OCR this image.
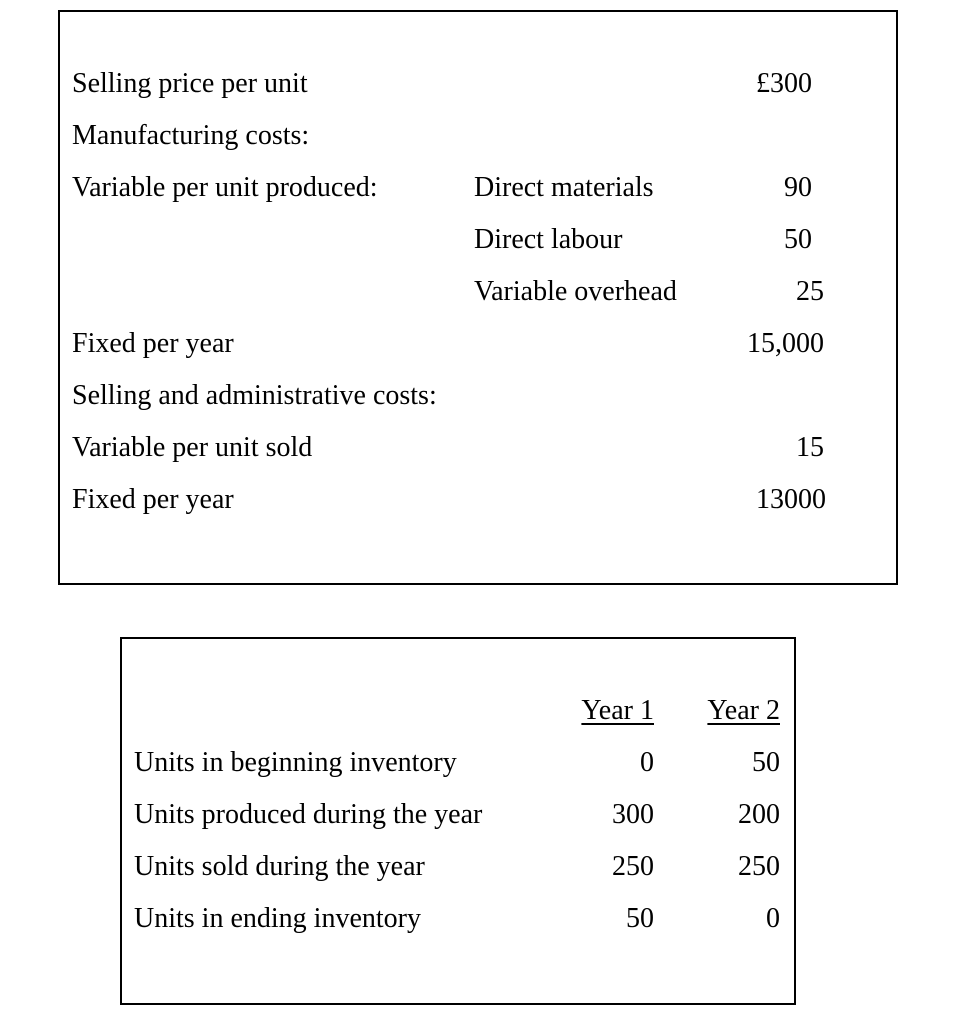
Selling price per unit	£300
Manufacturing costs:
Variable per unit produced:	Direct materials	90
Direct labour	50
Variable overhead	25
Fixed per year	15,000
Selling and administrative costs:
Variable per unit sold	15
Fixed per year	13000
Year 1 Year 2
Units in beginning inventory	0	50
Units produced during the year	300	200
Units sold during the year	250	250
Units in ending inventory	50	0
